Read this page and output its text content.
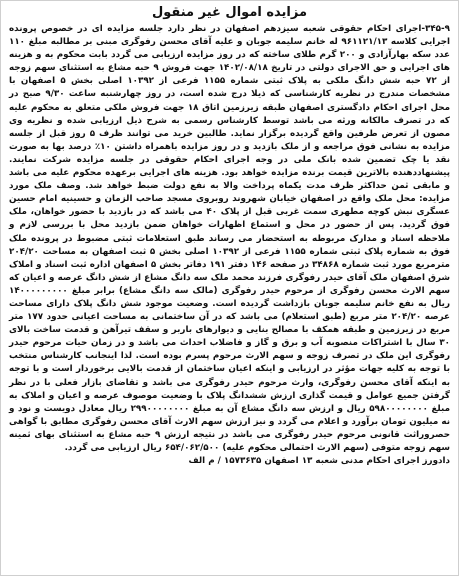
مزایده اموال غیر منقول

۳۴۵-۹-اجرای احکام حقوقی شعبه سیزدهم اصفهان در نظر دارد جلسه مزایده ای در خصوص پرونده اجرایی کلاسه ۹۶۱۱۲۱/۱۳ له خانم سلیمه جوبان و علیه آقای محسن رفوگری مبنی بر مطالبه مبلغ ۱۱۰ عدد سکه بهارآزادی و ۲۰۰ گرم طلای ساخته که در روز مزایده ارزیابی می گردد بابت محکوم به و هزینه های اجرایی و حق الاجرای دولتی در تاریخ ۱۴۰۲/۰۸/۱۸ جهت فروش ۹ حبه مشاع به استثنای سهم زوجه از ۷۲ حبه شش دانگ ملکی به پلاک ثبتی شماره ۱۱۵۵ فرعی از ۱۰۳۹۲ اصلی بخش ۵ اصفهان با مشخصات مندرج در نظریه کارشناسی که ذیلا درج شده است، در روز چهارشنبه ساعت ۹/۳۰ صبح در محل اجرای احکام دادگستری اصفهان طبقه زیرزمین اتاق ۱۸ جهت فروش ملکی متعلق به محکوم علیه که در تصرف مالکانه ورثه می باشد توسط کارشناس رسمی به شرح ذیل ارزیابی شده و نظریه وی مصون از تعرض طرفین واقع گردیده برگزار نماید. طالبین خرید می توانند ظرف ۵ روز قبل از جلسه مزایده به نشانی فوق مراجعه و از ملک بازدید و در روز مزایده باهمراه داشتن ۱۰٪ درصد بها به صورت نقد یا چک تضمین شده بانک ملی در وجه اجرای احکام حقوقی در جلسه مزایده شرکت نمایند. پیشنهاددهنده بالاترین قیمت برنده مزایده خواهد بود. هزینه های اجرایی برعهده محکوم علیه می باشد و مابقی ثمن حداکثر ظرف مدت یکماه پرداخت والا به نفع دولت ضبط خواهد شد. وصف ملک مورد مزایده: محل ملک واقع در اصفهان خیابان شهروند روبروی مسجد صاحب الزمان و حسینیه امام حسین عسگری نبش کوچه مطهری سمت غربی قبل از پلاک ۴۰ می باشد که در بازدید با حضور خواهان، ملک فوق گردید. پس از حضور در محل و استماع اظهارات خواهان ضمن بازدید محل با بررسی لازم و ملاحظه اسناد و مدارک مربوطه به استحضار می رساند طبق استعلامات ثبتی مضبوط در پرونده ملک فوق به شماره پلاک ثبتی شماره ۱۱۵۵ فرعی از ۱۰۳۹۲ اصلی بخش ۵ ثبت اصفهان به مساحت ۲۰۴/۲۰ مترمربع مورد ثبت شماره ۳۴۸۶۸ در صفحه ۱۴۶ دفتر ۱۹۱ دفاتر بخش ۵ اصفهان اداره ثبت اسناد و املاک شرق اصفهان ملک آقای حیدر رفوگری فرزند محمد ملک سه دانگ مشاع از شش دانگ عرصه و اعیان که سهم الارث محسن رفوگری از مرحوم حیدر رفوگری (مالک سه دانگ مشاع) برابر مبلغ ۱۴۰۰۰۰۰۰۰۰۰ ریال به نفع خانم سلیمه جوبان بازداشت گردیده است. وضعیت موجود شش دانگ پلاک دارای مساحت عرصه ۲۰۴/۲۰ متر مربع (طبق استعلام) می باشد که در آن ساختمانی به مساحت اعیانی حدود ۱۷۷ متر مربع در زیرزمین و طبقه همکف با مصالح بنایی و دیوارهای باربر و سقف تیرآهن و قدمت ساخت بالای ۳۰ سال با اشتراکات منصوبه آب و برق و گاز و فاضلاب احداث می باشد و در زمان حیات مرحوم حیدر رفوگری این ملک در تصرف زوجه و سهم الارث مرحوم پسرم بوده است. لذا اینجانب کارشناس منتخب با توجه به کلیه جهات مؤثر در ارزیابی و اینکه اعیان ساختمان از قدمت بالایی برخوردار است و با توجه به اینکه آقای محسن رفوگری، وارث مرحوم حیدر رفوگری می باشد و تقاضای بازار فعلی با در نظر گرفتن جمیع عوامل و قیمت گذاری ارزش ششدانگ پلاک با وضعیت موصوف عرصه و اعیان و املاک به مبلغ ۵۹۸۰۰۰۰۰۰۰۰ ریال و ارزش سه دانگ مشاع آن به مبلغ ۲۹۹۰۰۰۰۰۰۰۰ ریال معادل دویست و نود و نه میلیون تومان برآورد و اعلام می گردد و نیز ارزش سهم الارث آقای محسن رفوگری مطابق با گواهی حصروراثت قانونی مرحوم حیدر رفوگری می باشد در نتیجه ارزش ۹ حبه مشاع به استثنای بهای ثمینه سهم زوجه متوفی (سهم الارث احتمالی محکوم علیه) ۶۵۴/۰۶۲/۵۰۰ ریال ارزیابی می گردد.

دادورز اجرای احکام مدنی شعبه ۱۳ اصفهان ۱۵۷۳۶۳۵ / م الف
